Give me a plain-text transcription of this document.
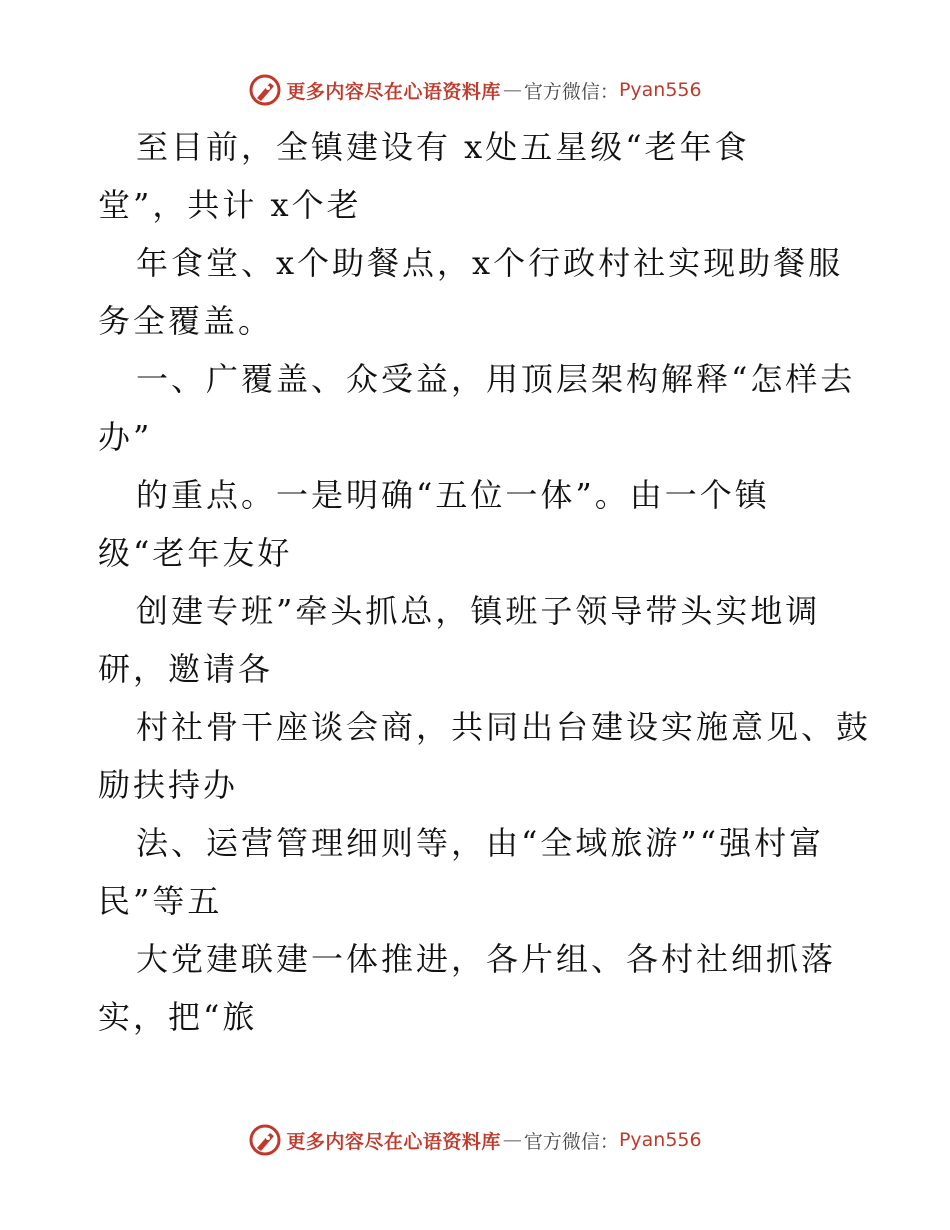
更多内容尽在心语资料库 — 官方微信： Pyan556
至目前，全镇建设有 x处五星级“老年食
堂”，共计 x个老
年食堂、x个助餐点，x个行政村社实现助餐服
务全覆盖。
一、广覆盖、众受益，用顶层架构解释“怎样去
办”
的重点。一是明确“五位一体”。由一个镇
级“老年友好
创建专班”牵头抓总，镇班子领导带头实地调
研，邀请各
村社骨干座谈会商，共同出台建设实施意见、鼓
励扶持办
法、运营管理细则等，由“全域旅游”“强村富
民”等五
大党建联建一体推进，各片组、各村社细抓落
实，把“旅
更多内容尽在心语资料库 — 官方微信： Pyan556
